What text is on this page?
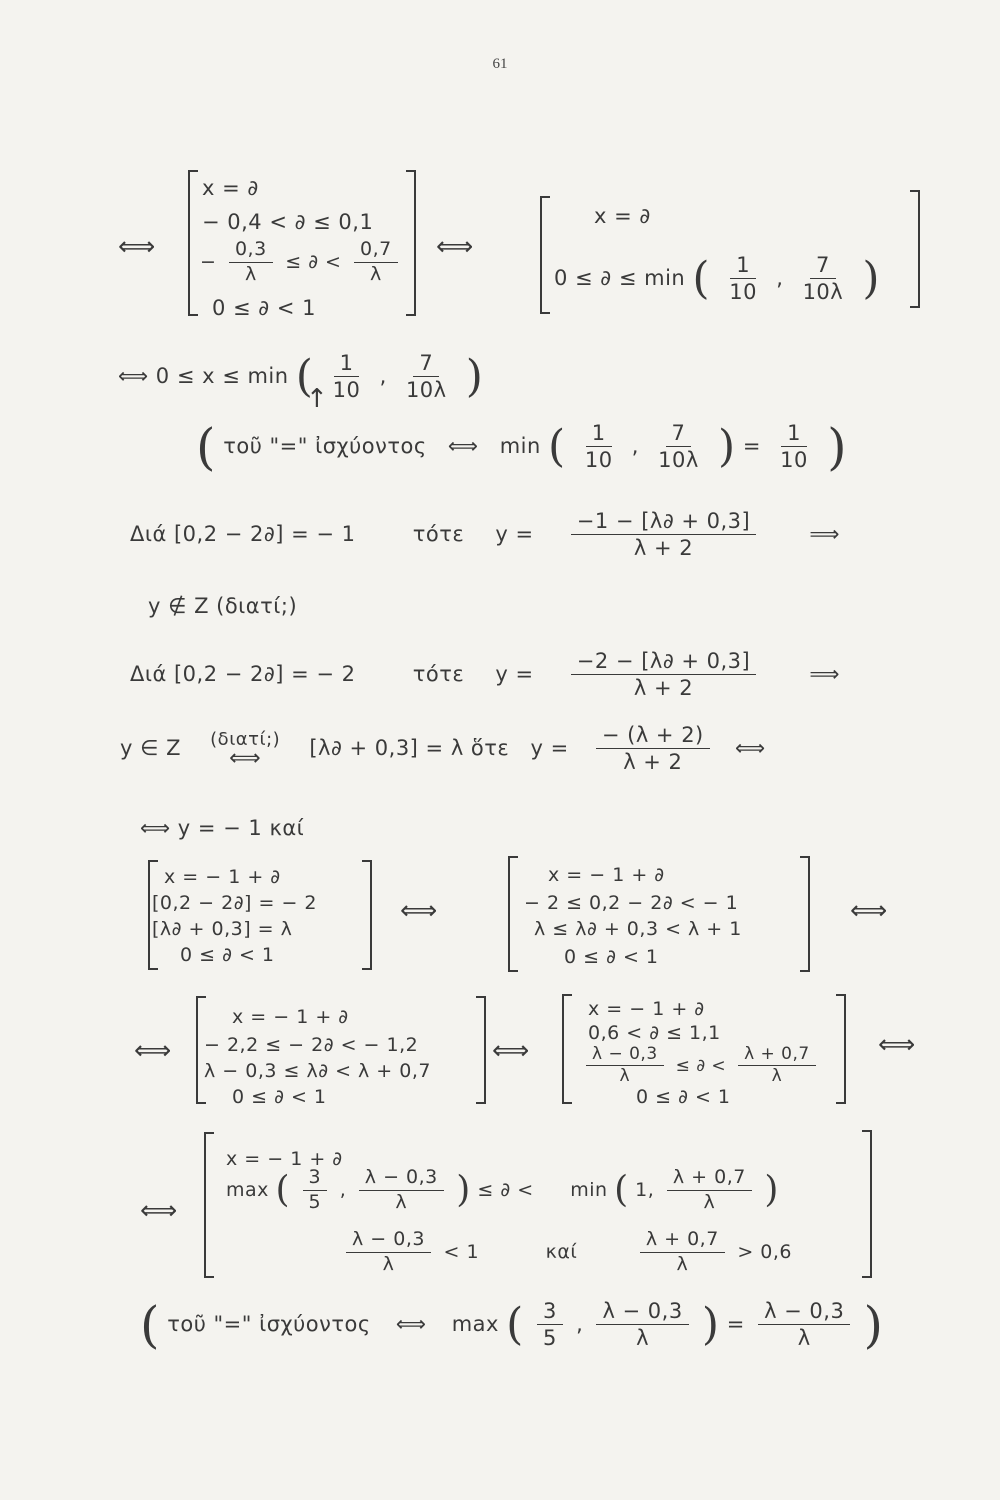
61
⟺
x = ∂
− 0,4 < ∂ ≤ 0,1
− $\frac{0,3}{\lambda}$ ≤ ∂ < $\frac{0,7}{\lambda}$
0 ≤ ∂ < 1
⟺
x = ∂
0 ≤ ∂ ≤ min ( $\frac{1}{10}$ , $\frac{7}{10\lambda}$ )
⟺ 0 ≤ x ≤ min ( $\frac{1}{10}$ , $\frac{7}{10\lambda}$ )
↑
( τοῦ "=" ἰσχύοντος ⟺ min ( $\frac{1}{10}$ , $\frac{7}{10\lambda}$ ) = $\frac{1}{10}$ )
Διά [0,2 − 2∂] = − 1	τότε $y = \frac{-1 - [\lambda\partial + 0,3]}{\lambda + 2}$	⟹
y ∉ Z (διατί;)
Διά [0,2 − 2∂] = − 2	τότε $y = \frac{-2 - [\lambda\partial + 0,3]}{\lambda + 2}$	⟹
y ∈ Z (διατί;)
⟺ [λ∂ + 0,3] = λ ὅτε $y = \frac{- (\lambda + 2)}{\lambda + 2}$ ⟺
⟺ y = − 1 καί
x = − 1 + ∂
[0,2 − 2∂] = − 2
[λ∂ + 0,3] = λ
0 ≤ ∂ < 1
⟺
x = − 1 + ∂
− 2 ≤ 0,2 − 2∂ < − 1
λ ≤ λ∂ + 0,3 < λ + 1
0 ≤ ∂ < 1
⟺
⟺
x = − 1 + ∂
− 2,2 ≤ − 2∂ < − 1,2
λ − 0,3 ≤ λ∂ < λ + 0,7
0 ≤ ∂ < 1
⟺
x = − 1 + ∂
0,6 < ∂ ≤ 1,1
$\frac{\lambda - 0,3}{\lambda}$ ≤ ∂ < $\frac{\lambda + 0,7}{\lambda}$
0 ≤ ∂ < 1
⟺
⟺
x = − 1 + ∂
max ( $\frac{3}{5}$ , $\frac{\lambda - 0,3}{\lambda}$ ) ≤ ∂ < min ( 1, $\frac{\lambda + 0,7}{\lambda}$ )
$\frac{\lambda - 0,3}{\lambda} < 1$	καί	$\frac{\lambda + 0,7}{\lambda} > 0,6$
( τοῦ "=" ἰσχύοντος ⟺ max ( $\frac{3}{5}$ , $\frac{\lambda - 0,3}{\lambda}$ ) = $\frac{\lambda - 0,3}{\lambda}$ )
